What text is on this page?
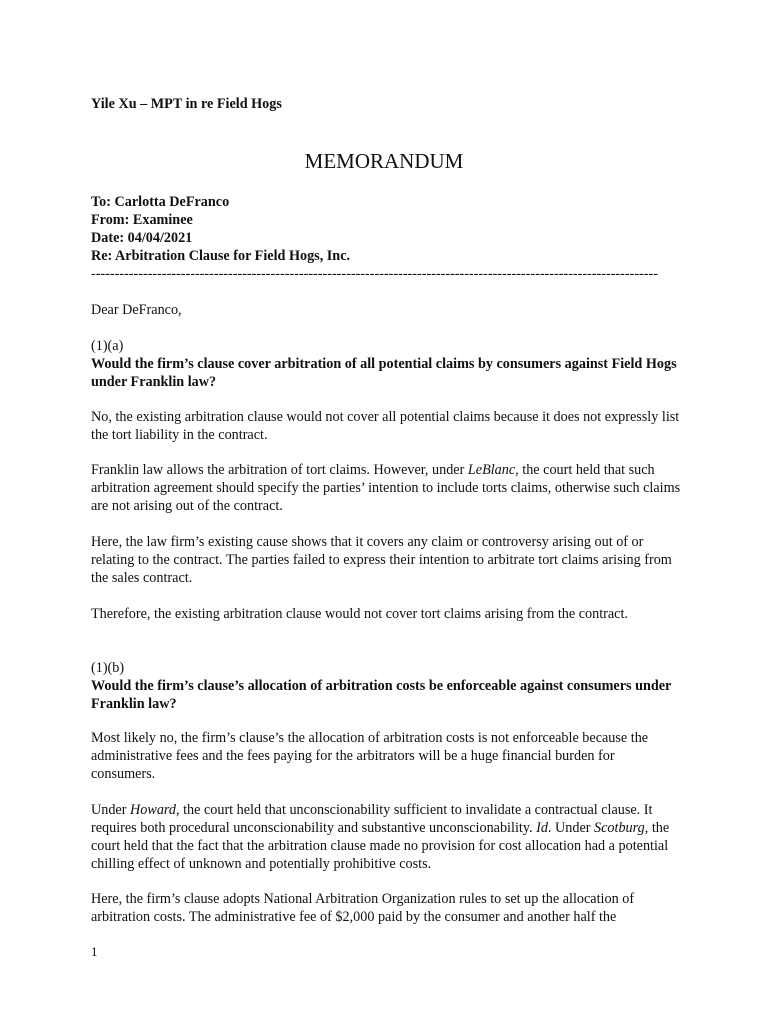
Yile Xu – MPT in re Field Hogs
MEMORANDUM
To: Carlotta DeFranco
From: Examinee
Date: 04/04/2021
Re: Arbitration Clause for Field Hogs, Inc.
------------------------------------------------------------------------------------------------------------------------
Dear DeFranco,
(1)(a)
Would the firm’s clause cover arbitration of all potential claims by consumers against Field Hogs under Franklin law?
No, the existing arbitration clause would not cover all potential claims because it does not expressly list the tort liability in the contract.
Franklin law allows the arbitration of tort claims. However, under LeBlanc, the court held that such arbitration agreement should specify the parties’ intention to include torts claims, otherwise such claims are not arising out of the contract.
Here, the law firm’s existing cause shows that it covers any claim or controversy arising out of or relating to the contract. The parties failed to express their intention to arbitrate tort claims arising from the sales contract.
Therefore, the existing arbitration clause would not cover tort claims arising from the contract.
(1)(b)
Would the firm’s clause’s allocation of arbitration costs be enforceable against consumers under Franklin law?
Most likely no, the firm’s clause’s the allocation of arbitration costs is not enforceable because the administrative fees and the fees paying for the arbitrators will be a huge financial burden for consumers.
Under Howard, the court held that unconscionability sufficient to invalidate a contractual clause. It requires both procedural unconscionability and substantive unconscionability. Id. Under Scotburg, the court held that the fact that the arbitration clause made no provision for cost allocation had a potential chilling effect of unknown and potentially prohibitive costs.
Here, the firm’s clause adopts National Arbitration Organization rules to set up the allocation of arbitration costs. The administrative fee of $2,000 paid by the consumer and another half the
1
